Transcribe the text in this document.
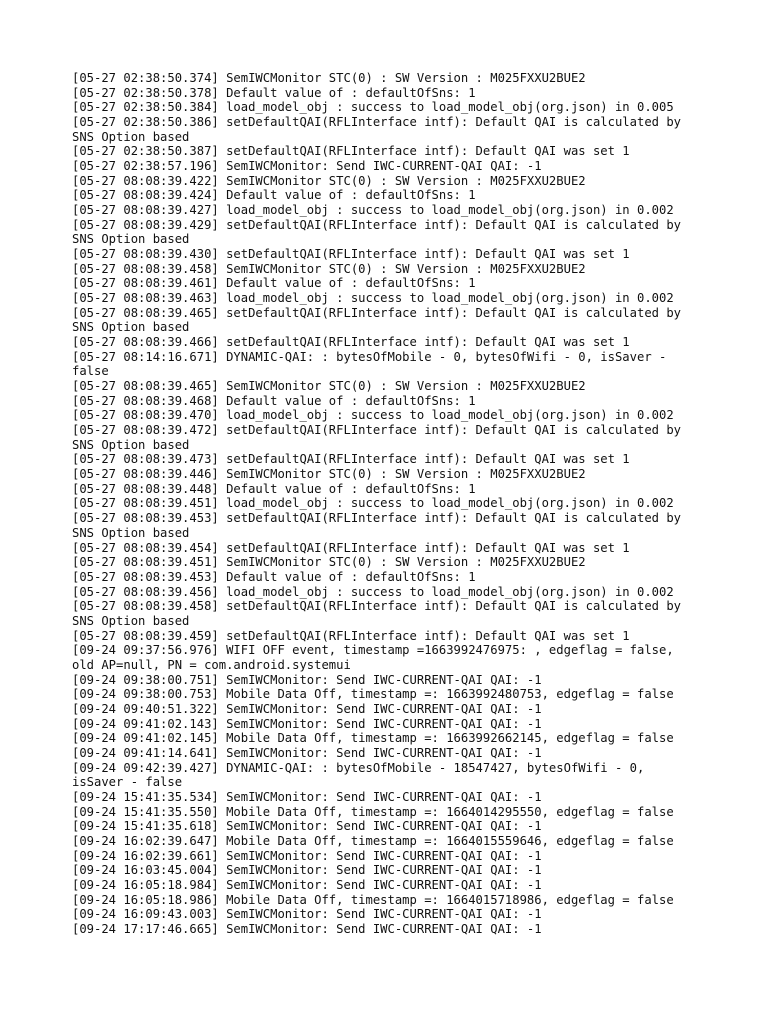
[05-27 02:38:50.374] SemIWCMonitor STC(0) : SW Version : M025FXXU2BUE2
[05-27 02:38:50.378] Default value of : defaultOfSns: 1
[05-27 02:38:50.384] load_model_obj : success to load_model_obj(org.json) in 0.005
[05-27 02:38:50.386] setDefaultQAI(RFLInterface intf): Default QAI is calculated by
SNS Option based
[05-27 02:38:50.387] setDefaultQAI(RFLInterface intf): Default QAI was set 1
[05-27 02:38:57.196] SemIWCMonitor: Send IWC-CURRENT-QAI QAI: -1
[05-27 08:08:39.422] SemIWCMonitor STC(0) : SW Version : M025FXXU2BUE2
[05-27 08:08:39.424] Default value of : defaultOfSns: 1
[05-27 08:08:39.427] load_model_obj : success to load_model_obj(org.json) in 0.002
[05-27 08:08:39.429] setDefaultQAI(RFLInterface intf): Default QAI is calculated by
SNS Option based
[05-27 08:08:39.430] setDefaultQAI(RFLInterface intf): Default QAI was set 1
[05-27 08:08:39.458] SemIWCMonitor STC(0) : SW Version : M025FXXU2BUE2
[05-27 08:08:39.461] Default value of : defaultOfSns: 1
[05-27 08:08:39.463] load_model_obj : success to load_model_obj(org.json) in 0.002
[05-27 08:08:39.465] setDefaultQAI(RFLInterface intf): Default QAI is calculated by
SNS Option based
[05-27 08:08:39.466] setDefaultQAI(RFLInterface intf): Default QAI was set 1
[05-27 08:14:16.671] DYNAMIC-QAI: : bytesOfMobile - 0, bytesOfWifi - 0, isSaver -
false
[05-27 08:08:39.465] SemIWCMonitor STC(0) : SW Version : M025FXXU2BUE2
[05-27 08:08:39.468] Default value of : defaultOfSns: 1
[05-27 08:08:39.470] load_model_obj : success to load_model_obj(org.json) in 0.002
[05-27 08:08:39.472] setDefaultQAI(RFLInterface intf): Default QAI is calculated by
SNS Option based
[05-27 08:08:39.473] setDefaultQAI(RFLInterface intf): Default QAI was set 1
[05-27 08:08:39.446] SemIWCMonitor STC(0) : SW Version : M025FXXU2BUE2
[05-27 08:08:39.448] Default value of : defaultOfSns: 1
[05-27 08:08:39.451] load_model_obj : success to load_model_obj(org.json) in 0.002
[05-27 08:08:39.453] setDefaultQAI(RFLInterface intf): Default QAI is calculated by
SNS Option based
[05-27 08:08:39.454] setDefaultQAI(RFLInterface intf): Default QAI was set 1
[05-27 08:08:39.451] SemIWCMonitor STC(0) : SW Version : M025FXXU2BUE2
[05-27 08:08:39.453] Default value of : defaultOfSns: 1
[05-27 08:08:39.456] load_model_obj : success to load_model_obj(org.json) in 0.002
[05-27 08:08:39.458] setDefaultQAI(RFLInterface intf): Default QAI is calculated by
SNS Option based
[05-27 08:08:39.459] setDefaultQAI(RFLInterface intf): Default QAI was set 1
[09-24 09:37:56.976] WIFI OFF event, timestamp =1663992476975: , edgeflag = false,
old AP=null, PN = com.android.systemui
[09-24 09:38:00.751] SemIWCMonitor: Send IWC-CURRENT-QAI QAI: -1
[09-24 09:38:00.753] Mobile Data Off, timestamp =: 1663992480753, edgeflag = false
[09-24 09:40:51.322] SemIWCMonitor: Send IWC-CURRENT-QAI QAI: -1
[09-24 09:41:02.143] SemIWCMonitor: Send IWC-CURRENT-QAI QAI: -1
[09-24 09:41:02.145] Mobile Data Off, timestamp =: 1663992662145, edgeflag = false
[09-24 09:41:14.641] SemIWCMonitor: Send IWC-CURRENT-QAI QAI: -1
[09-24 09:42:39.427] DYNAMIC-QAI: : bytesOfMobile - 18547427, bytesOfWifi - 0,
isSaver - false
[09-24 15:41:35.534] SemIWCMonitor: Send IWC-CURRENT-QAI QAI: -1
[09-24 15:41:35.550] Mobile Data Off, timestamp =: 1664014295550, edgeflag = false
[09-24 15:41:35.618] SemIWCMonitor: Send IWC-CURRENT-QAI QAI: -1
[09-24 16:02:39.647] Mobile Data Off, timestamp =: 1664015559646, edgeflag = false
[09-24 16:02:39.661] SemIWCMonitor: Send IWC-CURRENT-QAI QAI: -1
[09-24 16:03:45.004] SemIWCMonitor: Send IWC-CURRENT-QAI QAI: -1
[09-24 16:05:18.984] SemIWCMonitor: Send IWC-CURRENT-QAI QAI: -1
[09-24 16:05:18.986] Mobile Data Off, timestamp =: 1664015718986, edgeflag = false
[09-24 16:09:43.003] SemIWCMonitor: Send IWC-CURRENT-QAI QAI: -1
[09-24 17:17:46.665] SemIWCMonitor: Send IWC-CURRENT-QAI QAI: -1
